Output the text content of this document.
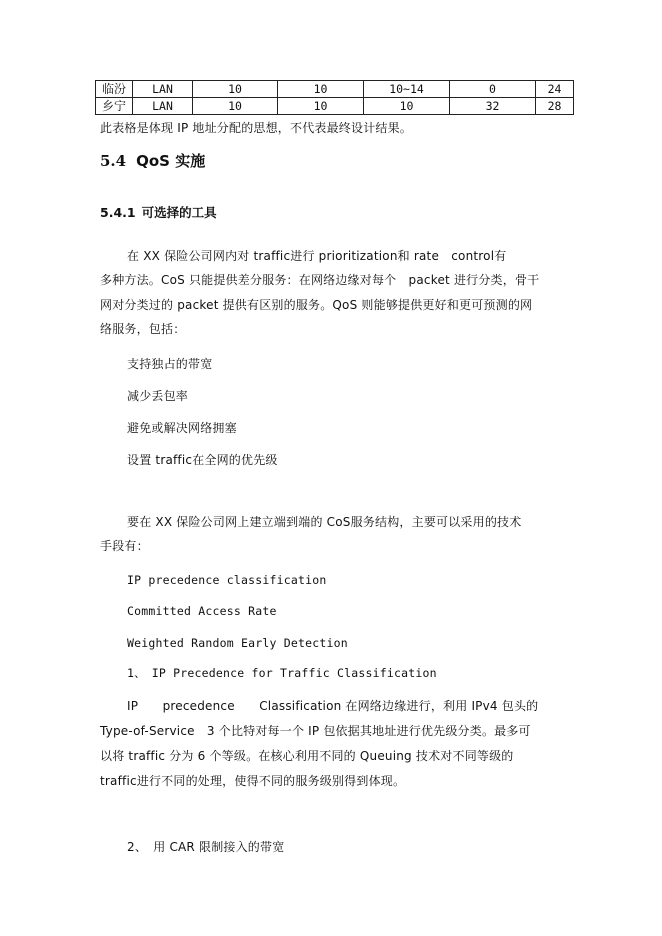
临汾	LAN	10	10	10~14	0	24
乡宁	LAN	10	10	10	32	28
此表格是体现 IP 地址分配的思想，不代表最终设计结果。
5.4 QoS 实施
5.4.1 可选择的工具
在 XX 保险公司网内对 traffic进行 prioritization和 rate　control有
多种方法。CoS 只能提供差分服务：在网络边缘对每个　packet 进行分类，骨干
网对分类过的 packet 提供有区别的服务。QoS 则能够提供更好和更可预测的网
络服务，包括：
支持独占的带宽
减少丢包率
避免或解决网络拥塞
设置 traffic在全网的优先级
要在 XX 保险公司网上建立端到端的 CoS服务结构，主要可以采用的技术
手段有：
IP precedence classification
Committed Access Rate
Weighted Random Early Detection
1、　IP Precedence for Traffic Classification
IP　　precedence　　Classification 在网络边缘进行，利用 IPv4 包头的
Type-of-Service　3 个比特对每一个 IP 包依据其地址进行优先级分类。最多可
以将 traffic 分为 6 个等级。在核心利用不同的 Queuing 技术对不同等级的
traffic进行不同的处理，使得不同的服务级别得到体现。
2、　用 CAR 限制接入的带宽
